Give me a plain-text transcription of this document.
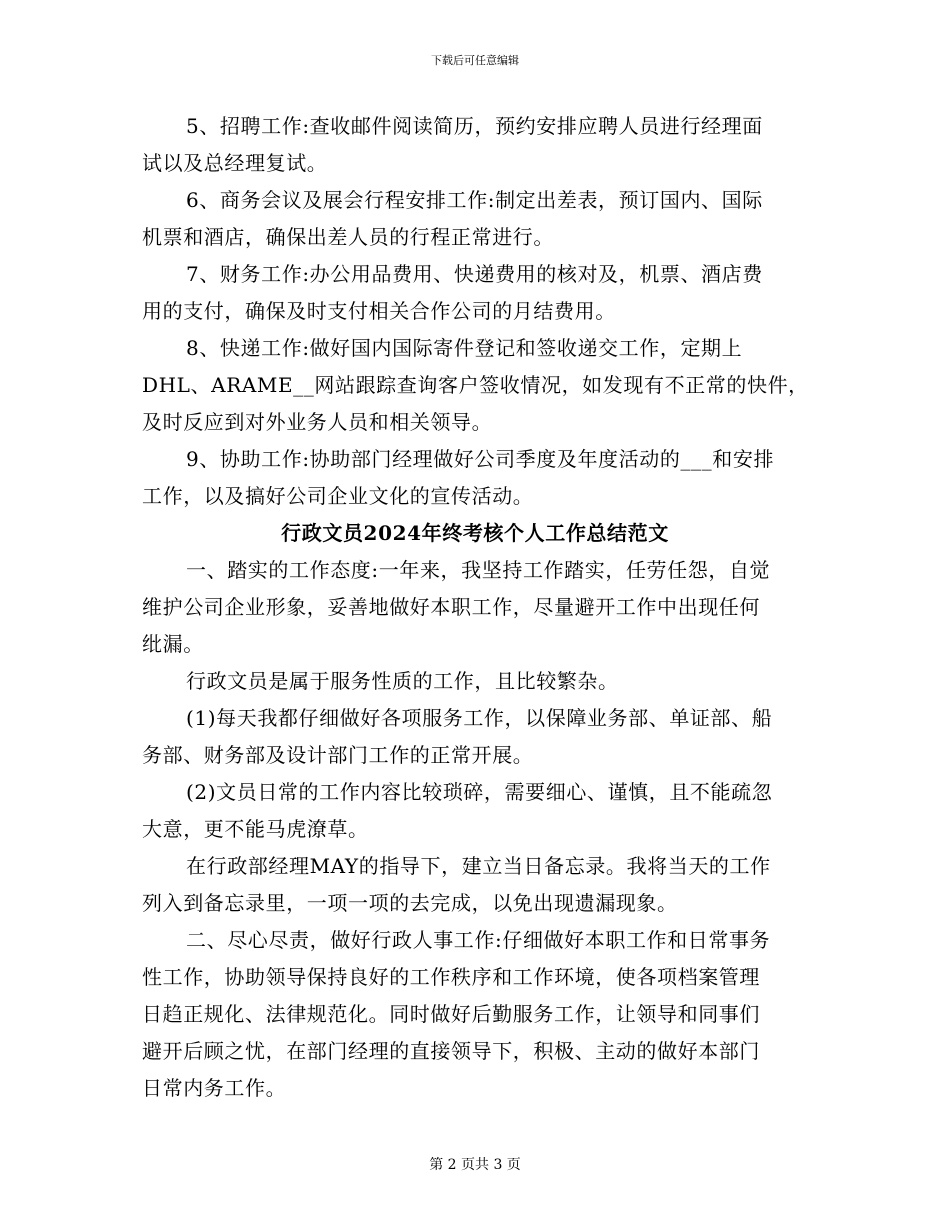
下载后可任意编辑
5、招聘工作:查收邮件阅读简历，预约安排应聘人员进行经理面
试以及总经理复试。
6、商务会议及展会行程安排工作:制定出差表，预订国内、国际
机票和酒店，确保出差人员的行程正常进行。
7、财务工作:办公用品费用、快递费用的核对及，机票、酒店费
用的支付，确保及时支付相关合作公司的月结费用。
8、快递工作:做好国内国际寄件登记和签收递交工作，定期上
DHL、ARAME__网站跟踪查询客户签收情况，如发现有不正常的快件，
及时反应到对外业务人员和相关领导。
9、协助工作:协助部门经理做好公司季度及年度活动的___和安排
工作，以及搞好公司企业文化的宣传活动。
行政文员2024年终考核个人工作总结范文
一、踏实的工作态度:一年来，我坚持工作踏实，任劳任怨，自觉
维护公司企业形象，妥善地做好本职工作，尽量避开工作中出现任何
纰漏。
行政文员是属于服务性质的工作，且比较繁杂。
(1)每天我都仔细做好各项服务工作，以保障业务部、单证部、船
务部、财务部及设计部门工作的正常开展。
(2)文员日常的工作内容比较琐碎，需要细心、谨慎，且不能疏忽
大意，更不能马虎潦草。
在行政部经理MAY的指导下，建立当日备忘录。我将当天的工作
列入到备忘录里，一项一项的去完成，以免出现遗漏现象。
二、尽心尽责，做好行政人事工作:仔细做好本职工作和日常事务
性工作，协助领导保持良好的工作秩序和工作环境，使各项档案管理
日趋正规化、法律规范化。同时做好后勤服务工作，让领导和同事们
避开后顾之忧，在部门经理的直接领导下，积极、主动的做好本部门
日常内务工作。
第 2 页共 3 页
